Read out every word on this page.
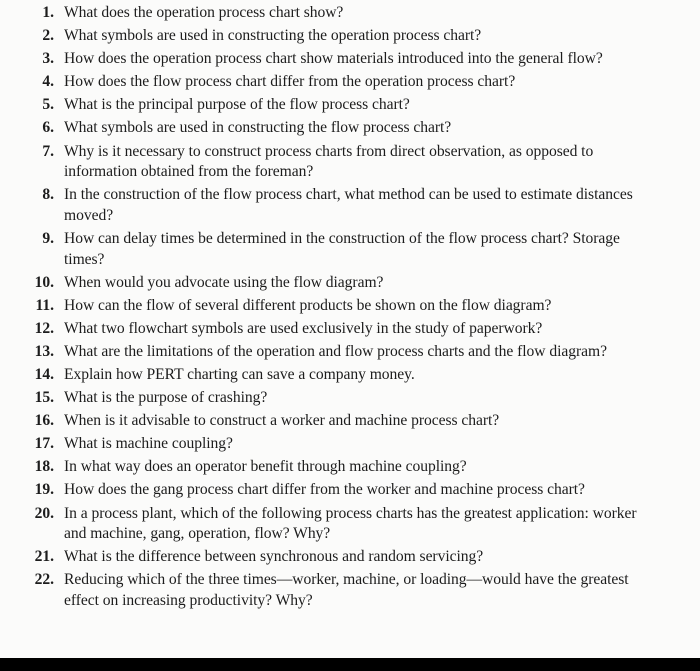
1. What does the operation process chart show?
2. What symbols are used in constructing the operation process chart?
3. How does the operation process chart show materials introduced into the general flow?
4. How does the flow process chart differ from the operation process chart?
5. What is the principal purpose of the flow process chart?
6. What symbols are used in constructing the flow process chart?
7. Why is it necessary to construct process charts from direct observation, as opposed to information obtained from the foreman?
8. In the construction of the flow process chart, what method can be used to estimate distances moved?
9. How can delay times be determined in the construction of the flow process chart? Storage times?
10. When would you advocate using the flow diagram?
11. How can the flow of several different products be shown on the flow diagram?
12. What two flowchart symbols are used exclusively in the study of paperwork?
13. What are the limitations of the operation and flow process charts and the flow diagram?
14. Explain how PERT charting can save a company money.
15. What is the purpose of crashing?
16. When is it advisable to construct a worker and machine process chart?
17. What is machine coupling?
18. In what way does an operator benefit through machine coupling?
19. How does the gang process chart differ from the worker and machine process chart?
20. In a process plant, which of the following process charts has the greatest application: worker and machine, gang, operation, flow? Why?
21. What is the difference between synchronous and random servicing?
22. Reducing which of the three times—worker, machine, or loading—would have the greatest effect on increasing productivity? Why?
